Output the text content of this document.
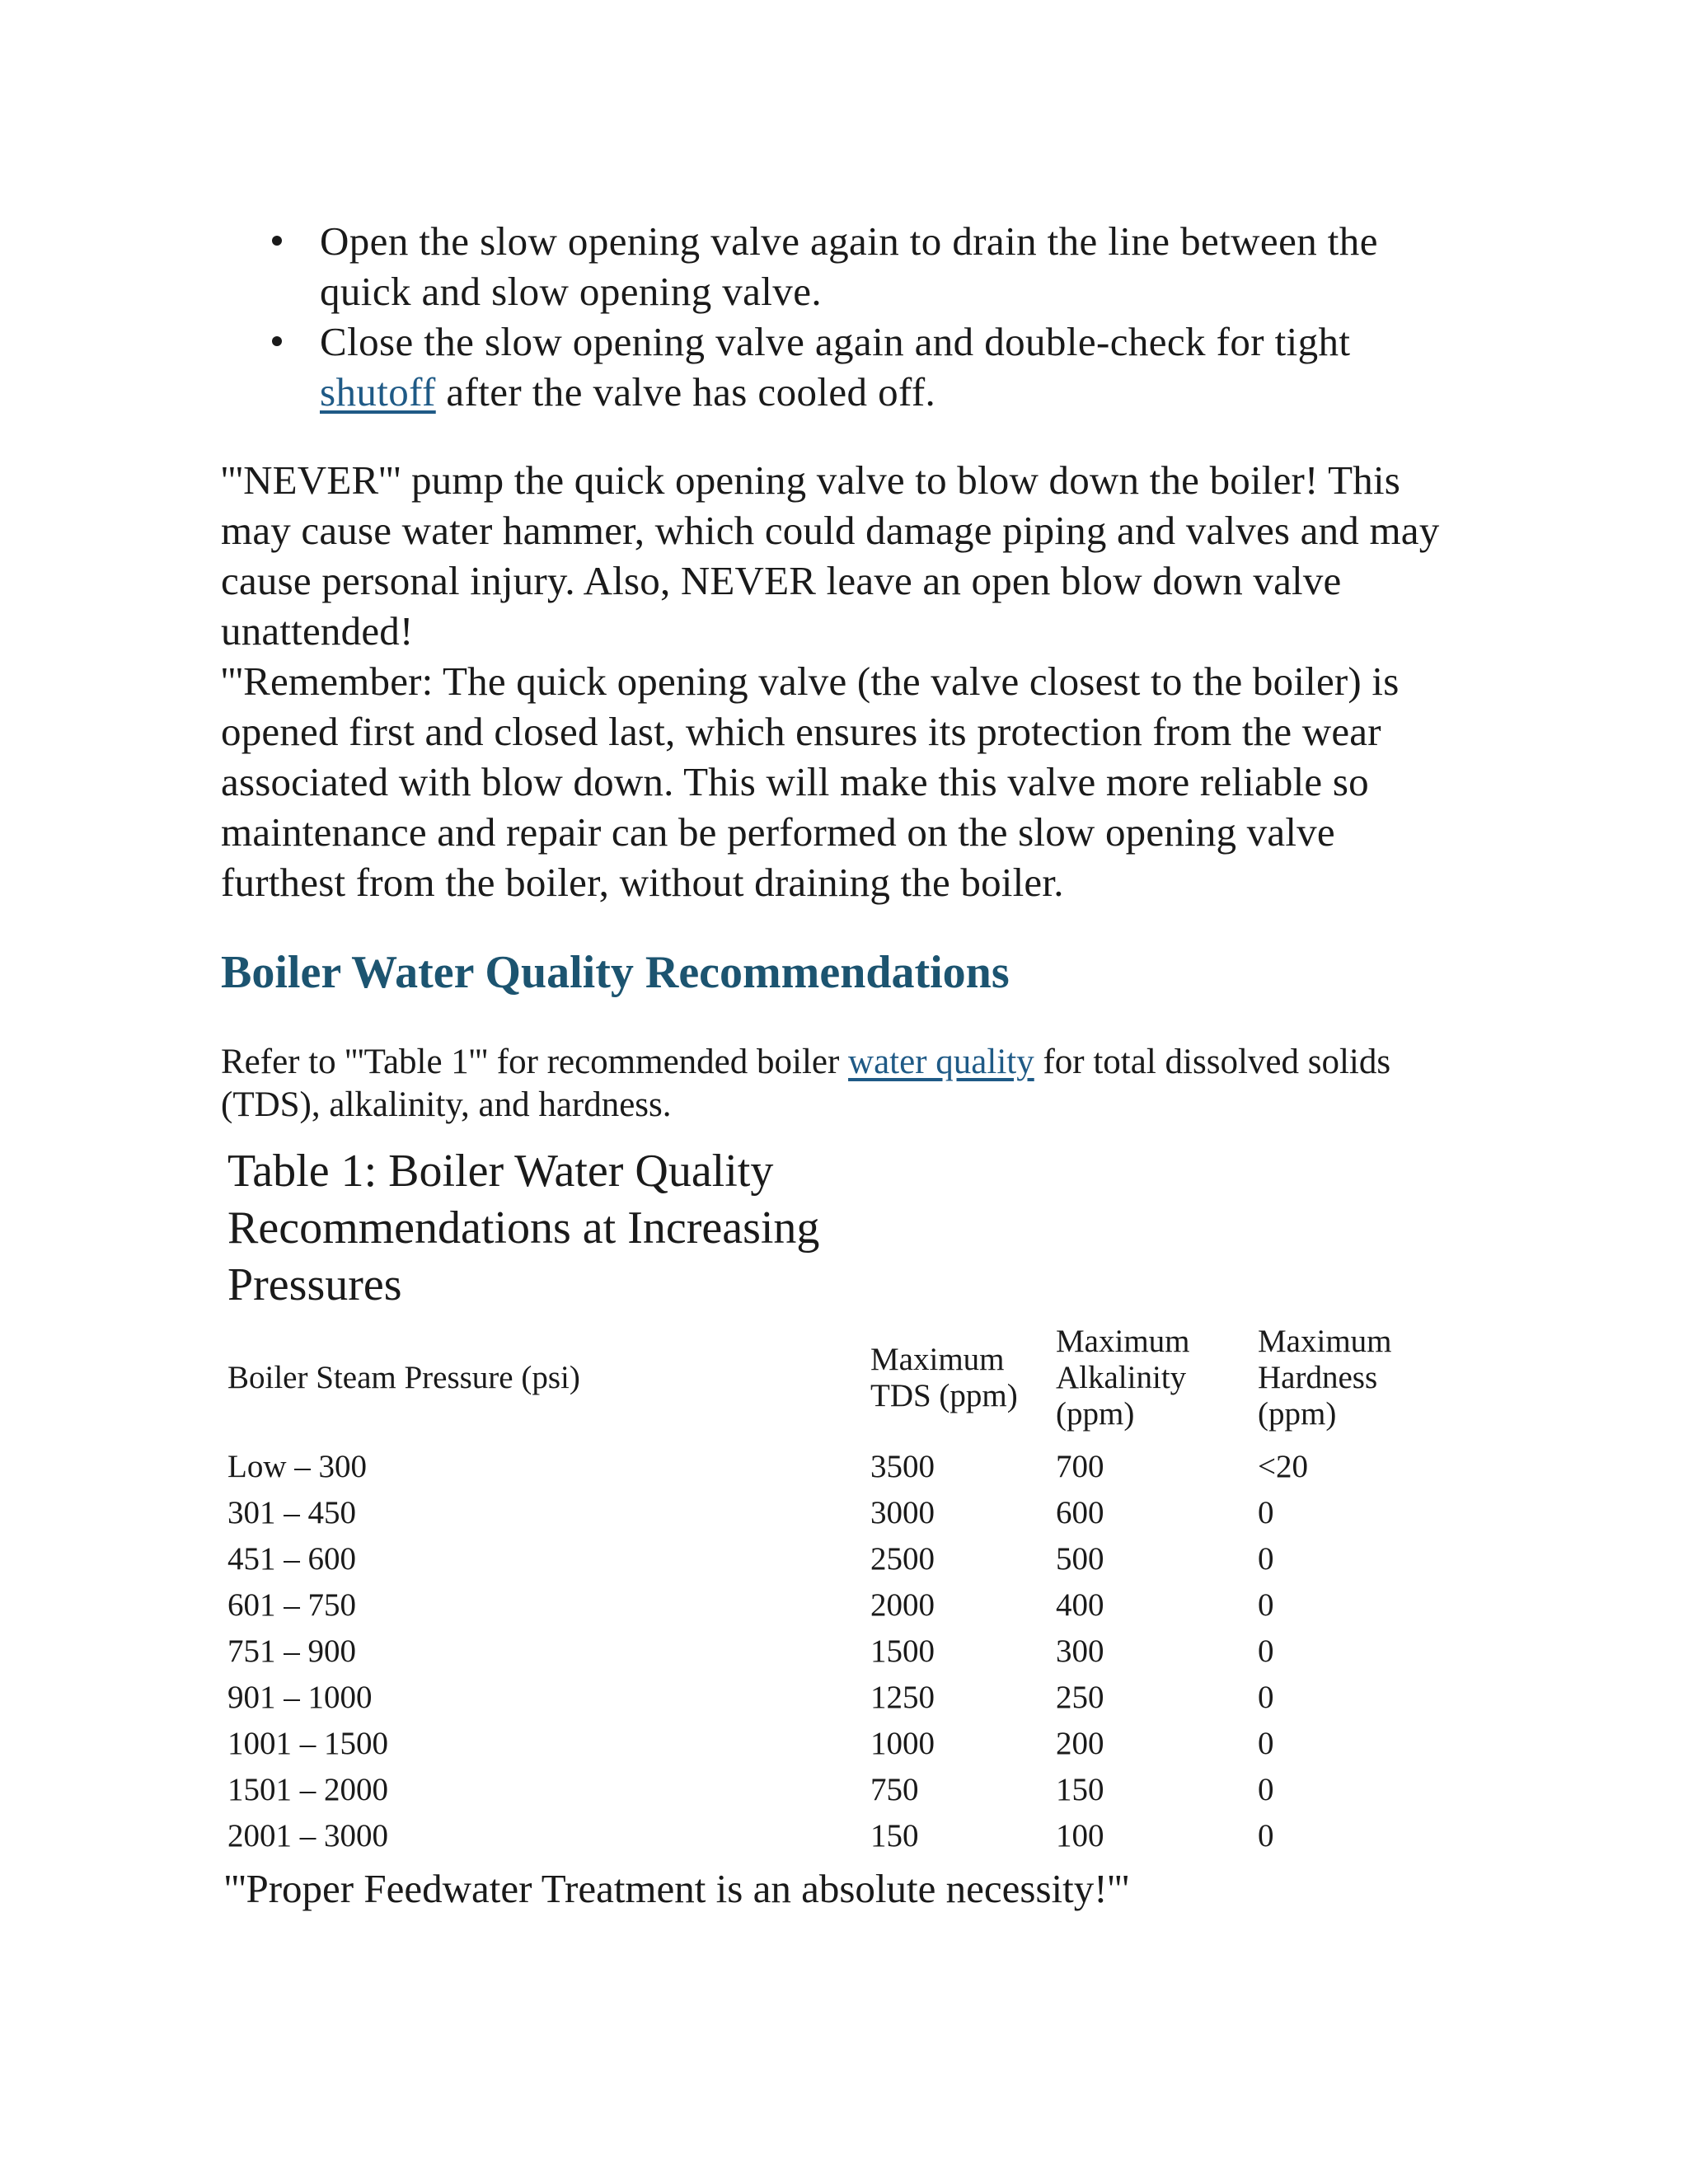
Open the slow opening valve again to drain the line between the quick and slow opening valve.
Close the slow opening valve again and double-check for tight shutoff after the valve has cooled off.

'''NEVER''' pump the quick opening valve to blow down the boiler! This may cause water hammer, which could damage piping and valves and may cause personal injury. Also, NEVER leave an open blow down valve unattended!

'''Remember: The quick opening valve (the valve closest to the boiler) is opened first and closed last, which ensures its protection from the wear associated with blow down. This will make this valve more reliable so maintenance and repair can be performed on the slow opening valve furthest from the boiler, without draining the boiler.

Boiler Water Quality Recommendations

Refer to '''Table 1''' for recommended boiler water quality for total dissolved solids (TDS), alkalinity, and hardness.

Table 1: Boiler Water Quality Recommendations at Increasing Pressures
Boiler Steam Pressure (psi)	Maximum TDS (ppm)	Maximum Alkalinity (ppm)	Maximum Hardness (ppm)
Low – 300	3500	700	<20
301 – 450	3000	600	0
451 – 600	2500	500	0
601 – 750	2000	400	0
751 – 900	1500	300	0
901 – 1000	1250	250	0
1001 – 1500	1000	200	0
1501 – 2000	750	150	0
2001 – 3000	150	100	0

'''Proper Feedwater Treatment is an absolute necessity!'''
